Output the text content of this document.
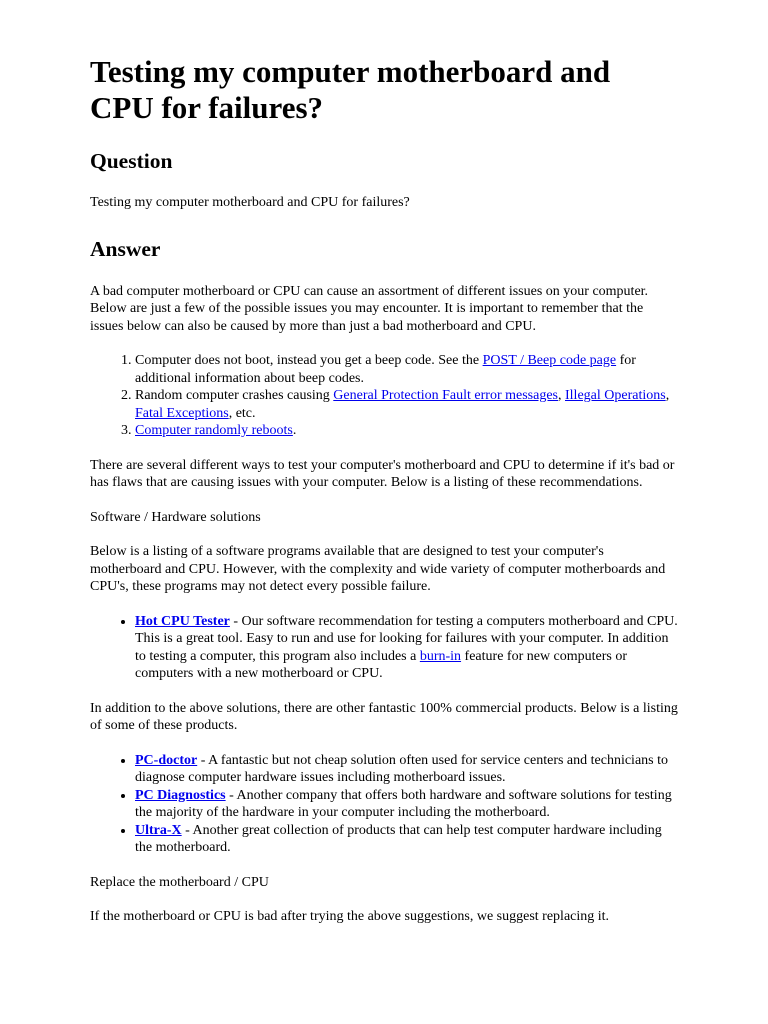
Testing my computer motherboard and CPU for failures?
Question

Testing my computer motherboard and CPU for failures?

Answer

A bad computer motherboard or CPU can cause an assortment of different issues on your computer. Below are just a few of the possible issues you may encounter. It is important to remember that the issues below can also be caused by more than just a bad motherboard and CPU.

1. Computer does not boot, instead you get a beep code. See the POST / Beep code page for additional information about beep codes.
2. Random computer crashes causing General Protection Fault error messages, Illegal Operations, Fatal Exceptions, etc.
3. Computer randomly reboots.

There are several different ways to test your computer's motherboard and CPU to determine if it's bad or has flaws that are causing issues with your computer. Below is a listing of these recommendations.

Software / Hardware solutions

Below is a listing of a software programs available that are designed to test your computer's motherboard and CPU. However, with the complexity and wide variety of computer motherboards and CPU's, these programs may not detect every possible failure.

• Hot CPU Tester - Our software recommendation for testing a computers motherboard and CPU. This is a great tool. Easy to run and use for looking for failures with your computer. In addition to testing a computer, this program also includes a burn-in feature for new computers or computers with a new motherboard or CPU.

In addition to the above solutions, there are other fantastic 100% commercial products. Below is a listing of some of these products.

• PC-doctor - A fantastic but not cheap solution often used for service centers and technicians to diagnose computer hardware issues including motherboard issues.
• PC Diagnostics - Another company that offers both hardware and software solutions for testing the majority of the hardware in your computer including the motherboard.
• Ultra-X - Another great collection of products that can help test computer hardware including the motherboard.

Replace the motherboard / CPU

If the motherboard or CPU is bad after trying the above suggestions, we suggest replacing it.
